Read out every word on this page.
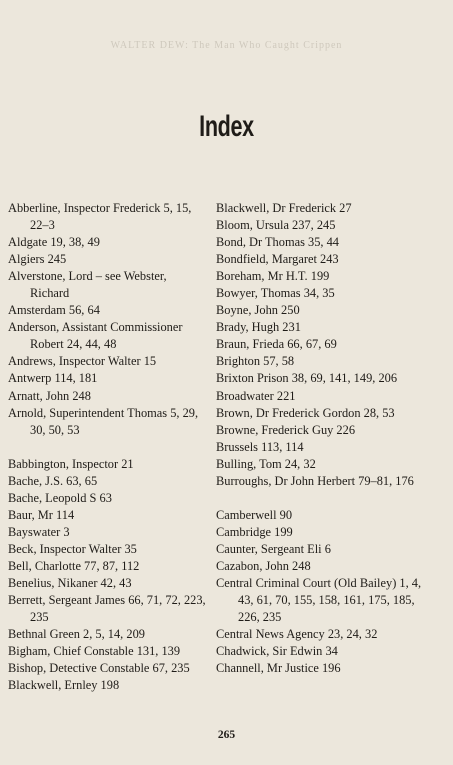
WALTER DEW: The Man Who Caught Crippen
Index
Abberline, Inspector Frederick 5, 15, 22–3
Aldgate 19, 38, 49
Algiers 245
Alverstone, Lord – see Webster, Richard
Amsterdam 56, 64
Anderson, Assistant Commissioner Robert 24, 44, 48
Andrews, Inspector Walter 15
Antwerp 114, 181
Arnatt, John 248
Arnold, Superintendent Thomas 5, 29, 30, 50, 53
Babbington, Inspector 21
Bache, J.S. 63, 65
Bache, Leopold S 63
Baur, Mr 114
Bayswater 3
Beck, Inspector Walter 35
Bell, Charlotte 77, 87, 112
Benelius, Nikaner 42, 43
Berrett, Sergeant James 66, 71, 72, 223, 235
Bethnal Green 2, 5, 14, 209
Bigham, Chief Constable 131, 139
Bishop, Detective Constable 67, 235
Blackwell, Ernley 198
Blackwell, Dr Frederick 27
Bloom, Ursula 237, 245
Bond, Dr Thomas 35, 44
Bondfield, Margaret 243
Boreham, Mr H.T. 199
Bowyer, Thomas 34, 35
Boyne, John 250
Brady, Hugh 231
Braun, Frieda 66, 67, 69
Brighton 57, 58
Brixton Prison 38, 69, 141, 149, 206
Broadwater 221
Brown, Dr Frederick Gordon 28, 53
Browne, Frederick Guy 226
Brussels 113, 114
Bulling, Tom 24, 32
Burroughs, Dr John Herbert 79–81, 176
Camberwell 90
Cambridge 199
Caunter, Sergeant Eli 6
Cazabon, John 248
Central Criminal Court (Old Bailey) 1, 4, 43, 61, 70, 155, 158, 161, 175, 185, 226, 235
Central News Agency 23, 24, 32
Chadwick, Sir Edwin 34
Channell, Mr Justice 196
265
